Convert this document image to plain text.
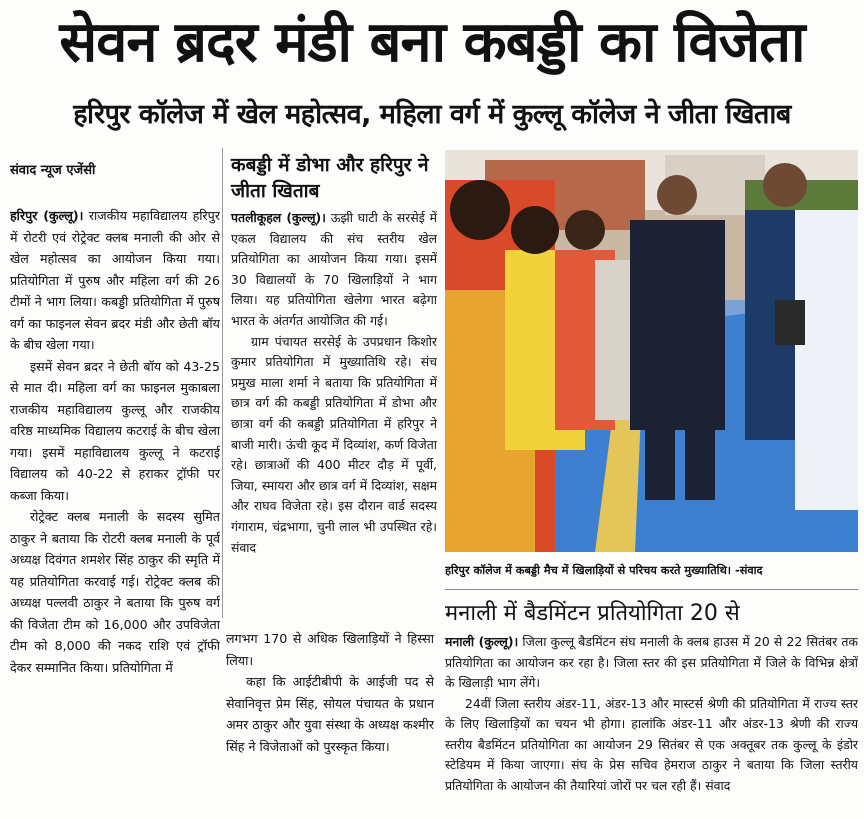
सेवन ब्रदर मंडी बना कबड्डी का विजेता
हरिपुर कॉलेज में खेल महोत्सव, महिला वर्ग में कुल्लू कॉलेज ने जीता खिताब
संवाद न्यूज एजेंसी

हरिपुर (कुल्लू)। राजकीय महाविद्यालय हरिपुर में रोटरी एवं रोट्रेक्ट क्लब मनाली की ओर से खेल महोत्सव का आयोजन किया गया। प्रतियोगिता में पुरुष और महिला वर्ग की 26 टीमों ने भाग लिया। कबड्डी प्रतियोगिता में पुरुष वर्ग का फाइनल सेवन ब्रदर मंडी और छेती बॉय के बीच खेला गया।

इसमें सेवन ब्रदर ने छेती बॉय को 43-25 से मात दी। महिला वर्ग का फाइनल मुकाबला राजकीय महाविद्यालय कुल्लू और राजकीय वरिष्ठ माध्यमिक विद्यालय कटराई के बीच खेला गया। इसमें महाविद्यालय कुल्लू ने कटराई विद्यालय को 40-22 से हराकर ट्रॉफी पर कब्जा किया।

रोट्रेक्ट क्लब मनाली के सदस्य सुमित ठाकुर ने बताया कि रोटरी क्लब मनाली के पूर्व अध्यक्ष दिवंगत शमशेर सिंह ठाकुर की स्मृति में यह प्रतियोगिता करवाई गई। रोट्रेक्ट क्लब की अध्यक्ष पल्लवी ठाकुर ने बताया कि पुरुष वर्ग की विजेता टीम को 16,000 और उपविजेता टीम को 8,000 की नकद राशि एवं ट्रॉफी देकर सम्मानित किया। प्रतियोगिता में

कबड्डी में डोभा और हरिपुर ने जीता खिताब

पतलीकूहल (कुल्लू)। ऊझी घाटी के सरसेई में एकल विद्यालय की संच स्तरीय खेल प्रतियोगिता का आयोजन किया गया। इसमें 30 विद्यालयों के 70 खिलाड़ियों ने भाग लिया। यह प्रतियोगिता खेलेगा भारत बढ़ेगा भारत के अंतर्गत आयोजित की गई।

ग्राम पंचायत सरसेई के उपप्रधान किशोर कुमार प्रतियोगिता में मुख्यातिथि रहे। संच प्रमुख माला शर्मा ने बताया कि प्रतियोगिता में छात्र वर्ग की कबड्डी प्रतियोगिता में डोभा और छात्रा वर्ग की कबड्डी प्रतियोगिता में हरिपुर ने बाजी मारी। ऊंची कूद में दिव्यांश, कर्ण विजेता रहे। छात्राओं की 400 मीटर दौड़ में पूर्वी, जिया, स्मायरा और छात्र वर्ग में दिव्यांश, सक्षम और राघव विजेता रहे। इस दौरान वार्ड सदस्य गंगाराम, चंद्रभागा, चुनी लाल भी उपस्थित रहे। संवाद

लगभग 170 से अधिक खिलाड़ियों ने हिस्सा लिया।

कहा कि आईटीबीपी के आईजी पद से सेवानिवृत्त प्रेम सिंह, सोयल पंचायत के प्रधान अमर ठाकुर और युवा संस्था के अध्यक्ष कश्मीर सिंह ने विजेताओं को पुरस्कृत किया।

हरिपुर कॉलेज में कबड्डी मैच में खिलाड़ियों से परिचय करते मुख्यातिथि। -संवाद
मनाली में बैडमिंटन प्रतियोगिता 20 से

मनाली (कुल्लू)। जिला कुल्लू बैडमिंटन संघ मनाली के क्लब हाउस में 20 से 22 सितंबर तक प्रतियोगिता का आयोजन कर रहा है। जिला स्तर की इस प्रतियोगिता में जिले के विभिन्न क्षेत्रों के खिलाड़ी भाग लेंगे।

24वीं जिला स्तरीय अंडर-11, अंडर-13 और मास्टर्स श्रेणी की प्रतियोगिता में राज्य स्तर के लिए खिलाड़ियों का चयन भी होगा। हालांकि अंडर-11 और अंडर-13 श्रेणी की राज्य स्तरीय बैडमिंटन प्रतियोगिता का आयोजन 29 सितंबर से एक अक्तूबर तक कुल्लू के इंडोर स्टेडियम में किया जाएगा। संघ के प्रेस सचिव हेमराज ठाकुर ने बताया कि जिला स्तरीय प्रतियोगिता के आयोजन की तैयारियां जोरों पर चल रही हैं। संवाद
